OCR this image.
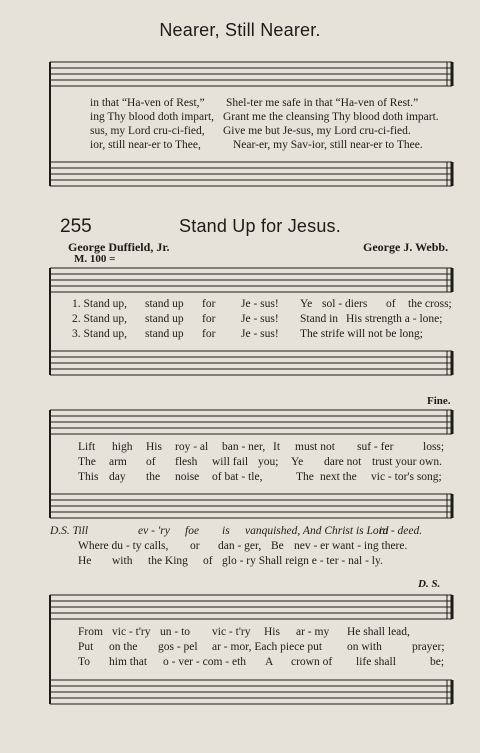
Nearer, Still Nearer.
in that “Ha-ven of Rest,” Shel-ter me safe in that “Ha-ven of Rest.”
ing Thy blood doth impart, Grant me the cleansing Thy blood doth impart.
sus, my Lord cru-ci-fied, Give me but Je-sus, my Lord cru-ci-fied.
ior, still near-er to Thee,	Near-er, my Sav-ior, still near-er to Thee.
255	Stand Up for Jesus.
George Duffield, Jr.	George J. Webb.
M. 100 =
1. Stand up, stand up for Je - sus! Ye sol - diers of the cross;
2. Stand up, stand up for Je - sus! Stand in His strength a - lone;
3. Stand up, stand up for Je - sus! The strife will not be long;
Fine.
Lift high His roy - al ban - ner, It must not suf - fer	loss;
The arm of flesh will fail you; Ye dare not trust your own.
This day the noise of bat - tle,	The next the vic - tor's song;
D.S. Till	ev - 'ry foe is vanquished, And Christ is Lord
in - deed.
Where du - ty calls, or dan - ger, Be nev - er want - ing there.
He with the King of glo - ry Shall reign e - ter - nal - ly.
D. S.
From vic - t'ry un - to vic - t'ry His ar - my He shall lead,
Put on the gos - pel ar - mor, Each piece put on with	prayer;
To him that o - ver - com - eth A crown of life shall	be;
